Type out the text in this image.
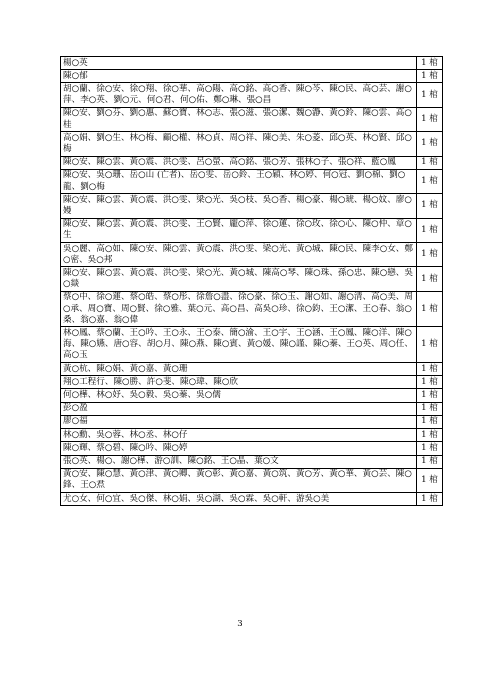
楊○英	1 棺
陳○郁	1 棺
胡○蘭、徐○安、徐○翔、徐○華、高○陽、高○銘、高○香、陳○芩、陳○民、高○芸、謝○萍、李○英、劉○元、何○君、何○佑、鄭○琳、張○昌	1 棺
陳○安、劉○芬、劉○惠、蘇○寶、林○志、張○滋、張○潔、魏○瀞、黃○鈴、陳○雲、高○桂	1 棺
高○娟、劉○生、林○梅、顧○權、林○貞、周○祥、陳○美、朱○菱、邱○英、林○賢、邱○梅	1 棺
陳○安、陳○雲、黃○震、洪○雯、呂○螢、高○銘、張○芳、張林○子、張○祥、藍○鳳	1 棺
陳○安、吳○珊、岳○山 (亡者)、岳○雯、岳○鈴、王○穎、林○婷、何○冠、劉○棉、劉○龍、劉○梅	1 棺
陳○安、陳○雲、黃○震、洪○雯、梁○光、吳○枝、吳○香、楊○豪、楊○琥、楊○妏、廖○嫚	1 棺
陳○安、陳○雲、黃○震、洪○雯、王○賢、龐○萍、徐○蓮、徐○玫、徐○心、陳○仲、章○生	1 棺
吳○麗、高○如、陳○安、陳○雲、黃○震、洪○雯、梁○光、黃○城、陳○民、陳李○女、鄭○密、吳○邦	1 棺
陳○安、陳○雲、黃○震、洪○雯、梁○光、黃○城、陳高○琴、陳○珠、孫○忠、陳○戀、吳○燚	1 棺
蔡○中、徐○蓮、蔡○皓、蔡○彤、徐詹○盡、徐○豪、徐○玉、謝○如、謝○清、高○美、周○承、周○寶、周○賢、徐○雅、葉○元、高○昌、高吳○珍、徐○鈞、王○潔、王○春、翁○桑、翁○嘉、翁○偉	1 棺
林○鳳、蔡○蘭、王○吟、王○永、王○泰、簡○渝、王○宇、王○涵、王○鳳、陳○洋、陳○海、陳○嬿、唐○容、胡○月、陳○燕、陳○賓、黃○媛、陳○謹、陳○蓁、王○英、周○任、高○玉	1 棺
黃○杭、陳○娟、黃○嘉、黃○珊	1 棺
翔○工程行、陳○勝、許○斐、陳○瑋、陳○欣	1 棺
何○樺、林○妤、吳○毅、吳○蓁、吳○儒	1 棺
彭○盈	1 棺
廖○福	1 棺
林○勳、吳○蓉、林○丞、林○仔	1 棺
陳○輝、蔡○碧、陳○吟、陳○婷	1 棺
張○英、楊○、謝○樺、游○訓、陳○銘、王○晶、葉○文	1 棺
黃○安、陳○慧、黃○津、黃○卿、黃○彰、黃○嘉、黃○筑、黃○芳、黃○華、黃○芸、陳○鋒、王○焄	1 棺
尤○女、何○宜、吳○傑、林○娟、吳○湖、吳○霖、吳○軒、游吳○美	1 棺
3
